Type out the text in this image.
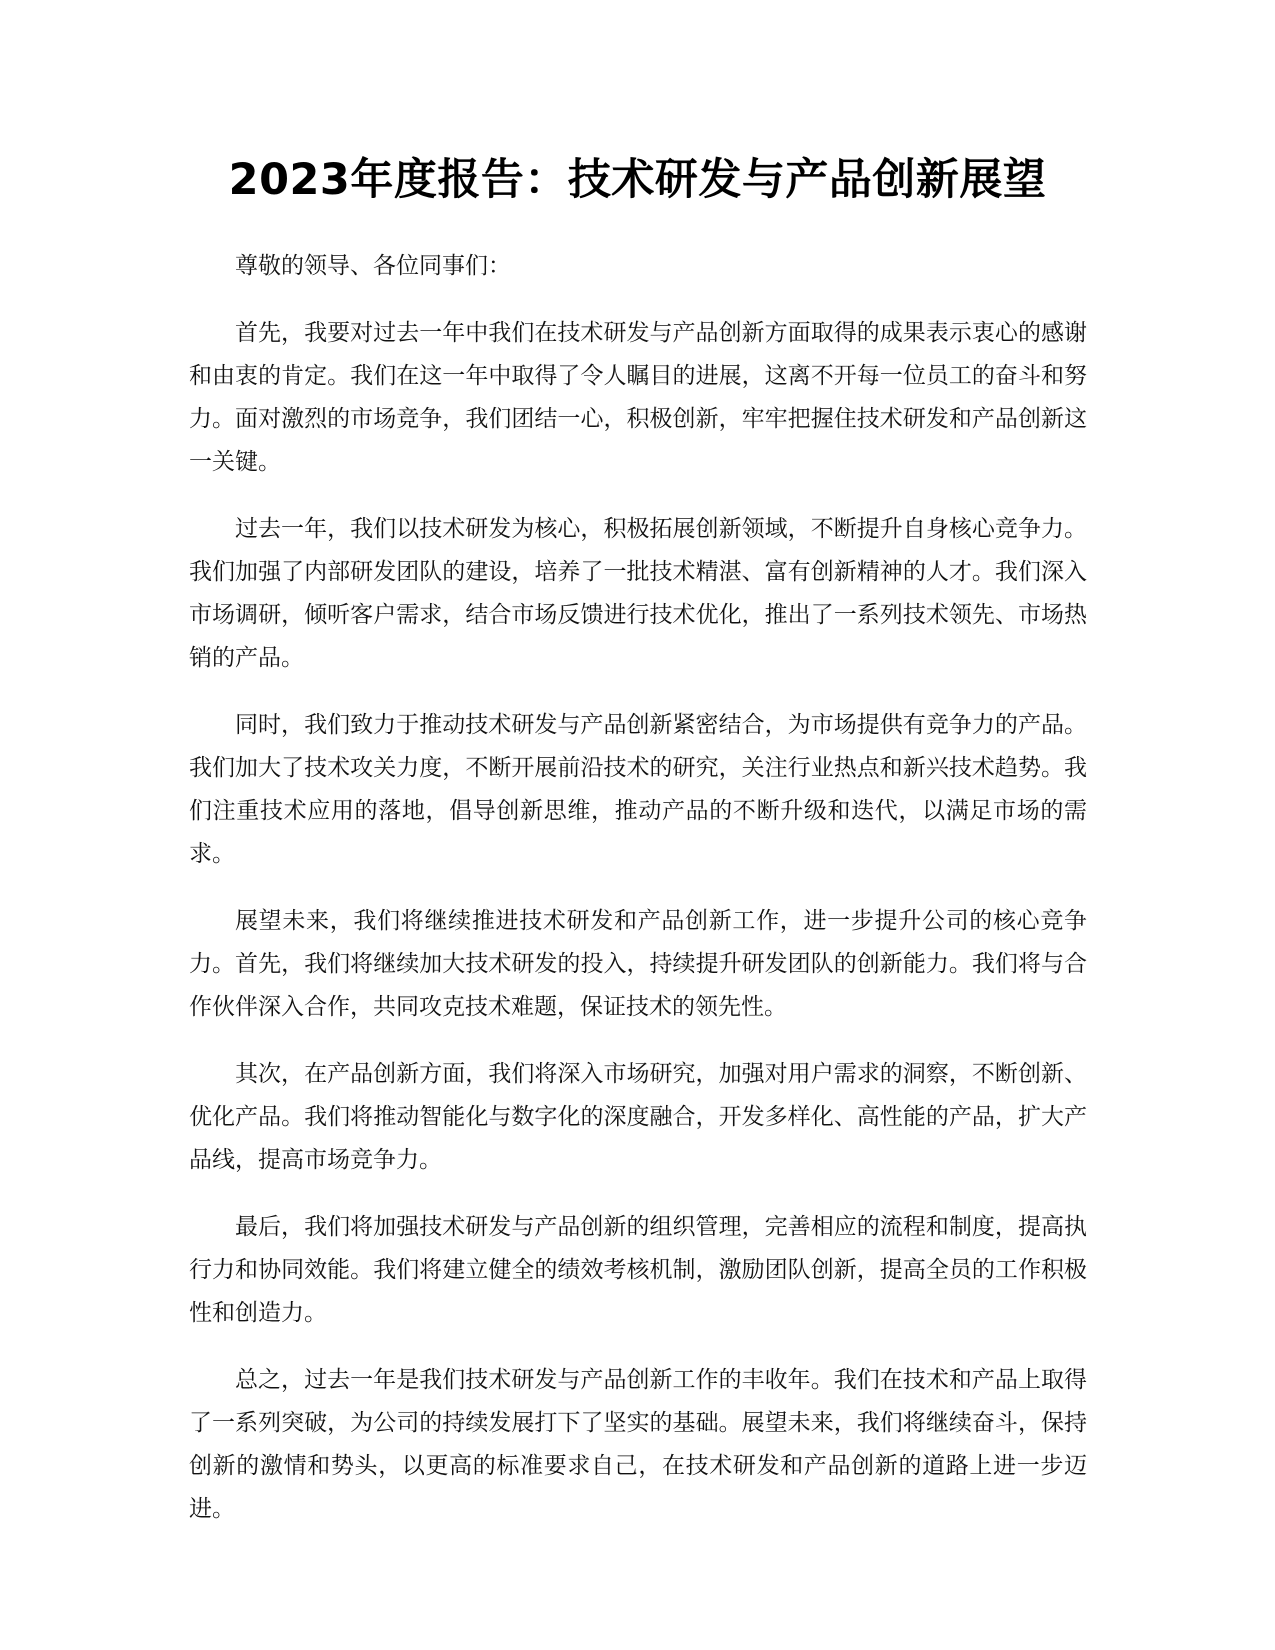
2023年度报告：技术研发与产品创新展望

尊敬的领导、各位同事们：

首先，我要对过去一年中我们在技术研发与产品创新方面取得的成果表示衷心的感谢和由衷的肯定。我们在这一年中取得了令人瞩目的进展，这离不开每一位员工的奋斗和努力。面对激烈的市场竞争，我们团结一心，积极创新，牢牢把握住技术研发和产品创新这一关键。

过去一年，我们以技术研发为核心，积极拓展创新领域，不断提升自身核心竞争力。我们加强了内部研发团队的建设，培养了一批技术精湛、富有创新精神的人才。我们深入市场调研，倾听客户需求，结合市场反馈进行技术优化，推出了一系列技术领先、市场热销的产品。

同时，我们致力于推动技术研发与产品创新紧密结合，为市场提供有竞争力的产品。我们加大了技术攻关力度，不断开展前沿技术的研究，关注行业热点和新兴技术趋势。我们注重技术应用的落地，倡导创新思维，推动产品的不断升级和迭代，以满足市场的需求。

展望未来，我们将继续推进技术研发和产品创新工作，进一步提升公司的核心竞争力。首先，我们将继续加大技术研发的投入，持续提升研发团队的创新能力。我们将与合作伙伴深入合作，共同攻克技术难题，保证技术的领先性。

其次，在产品创新方面，我们将深入市场研究，加强对用户需求的洞察，不断创新、优化产品。我们将推动智能化与数字化的深度融合，开发多样化、高性能的产品，扩大产品线，提高市场竞争力。

最后，我们将加强技术研发与产品创新的组织管理，完善相应的流程和制度，提高执行力和协同效能。我们将建立健全的绩效考核机制，激励团队创新，提高全员的工作积极性和创造力。

总之，过去一年是我们技术研发与产品创新工作的丰收年。我们在技术和产品上取得了一系列突破，为公司的持续发展打下了坚实的基础。展望未来，我们将继续奋斗，保持创新的激情和势头，以更高的标准要求自己，在技术研发和产品创新的道路上进一步迈进。
